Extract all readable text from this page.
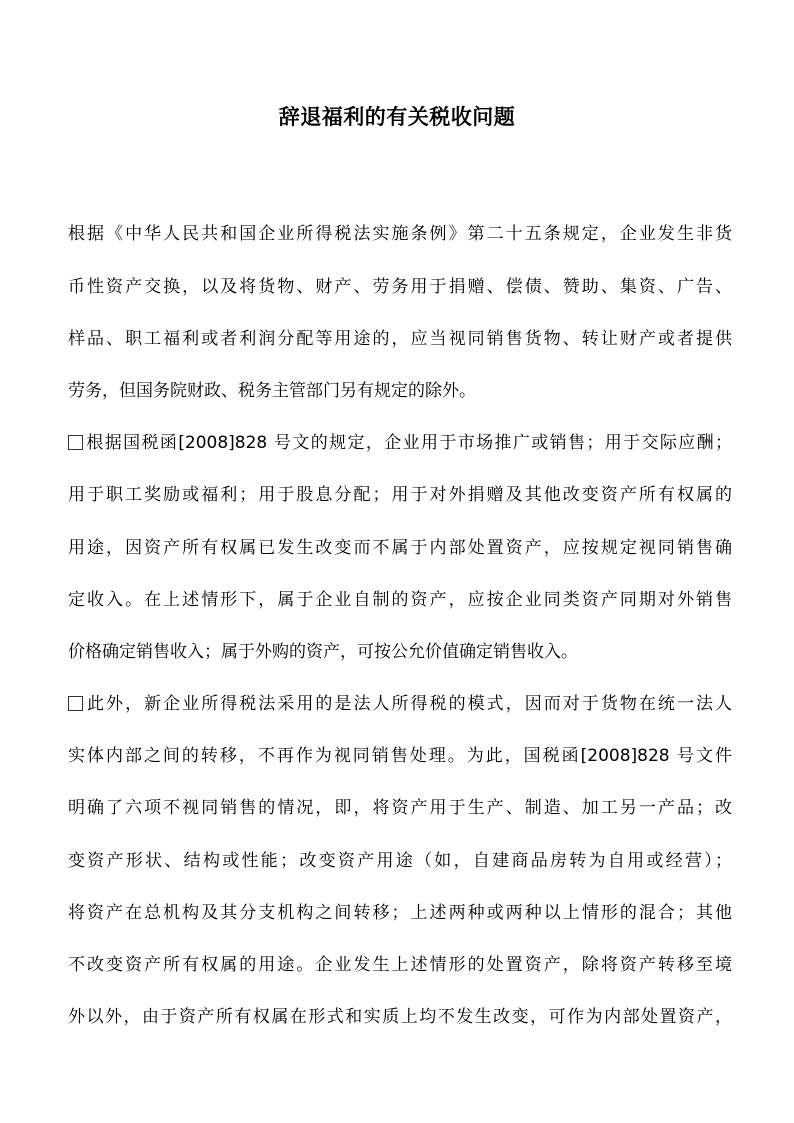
辞退福利的有关税收问题
根据《中华人民共和国企业所得税法实施条例》第二十五条规定，企业发生非货
币性资产交换，以及将货物、财产、劳务用于捐赠、偿债、赞助、集资、广告、
样品、职工福利或者利润分配等用途的，应当视同销售货物、转让财产或者提供
劳务，但国务院财政、税务主管部门另有规定的除外。
根据国税函[2008]828 号文的规定，企业用于市场推广或销售；用于交际应酬；
用于职工奖励或福利；用于股息分配；用于对外捐赠及其他改变资产所有权属的
用途，因资产所有权属已发生改变而不属于内部处置资产，应按规定视同销售确
定收入。在上述情形下，属于企业自制的资产，应按企业同类资产同期对外销售
价格确定销售收入；属于外购的资产，可按公允价值确定销售收入。
此外，新企业所得税法采用的是法人所得税的模式，因而对于货物在统一法人
实体内部之间的转移，不再作为视同销售处理。为此，国税函[2008]828 号文件
明确了六项不视同销售的情况，即，将资产用于生产、制造、加工另一产品；改
变资产形状、结构或性能；改变资产用途（如，自建商品房转为自用或经营）；
将资产在总机构及其分支机构之间转移；上述两种或两种以上情形的混合；其他
不改变资产所有权属的用途。企业发生上述情形的处置资产，除将资产转移至境
外以外，由于资产所有权属在形式和实质上均不发生改变，可作为内部处置资产，
